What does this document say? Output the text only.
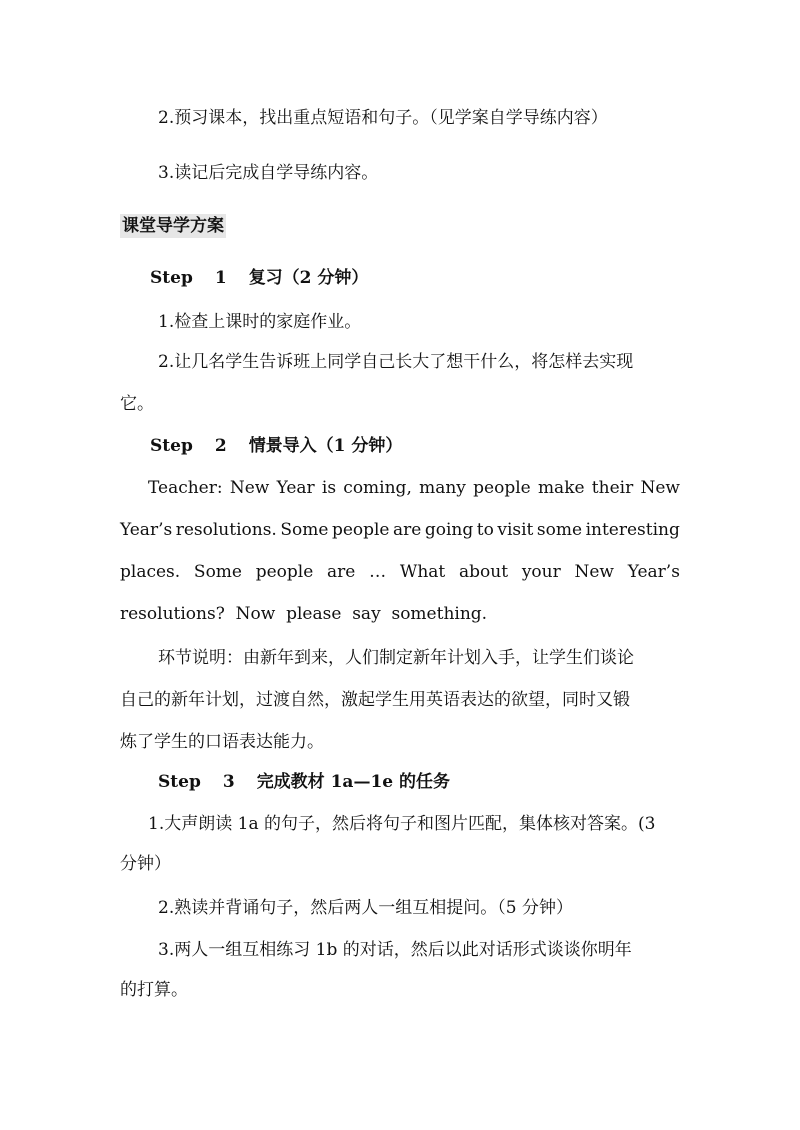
2.预习课本，找出重点短语和句子。（见学案自学导练内容）
3.读记后完成自学导练内容。
课堂导学方案
Step 1 复习（2 分钟）
1.检查上课时的家庭作业。
2.让几名学生告诉班上同学自己长大了想干什么，将怎样去实现
它。
Step 2 情景导入（1 分钟）
Teacher: New Year is coming, many people make their New
Year’s resolutions. Some people are going to visit some interesting
places. Some people are … What about your New Year’s
resolutions?  Now  please  say  something.
环节说明：由新年到来，人们制定新年计划入手，让学生们谈论
自己的新年计划，过渡自然，激起学生用英语表达的欲望，同时又锻
炼了学生的口语表达能力。
Step 3 完成教材 1a—1e 的任务
1.大声朗读 1a 的句子，然后将句子和图片匹配，集体核对答案。(3
分钟）
2.熟读并背诵句子，然后两人一组互相提问。（5 分钟）
3.两人一组互相练习 1b 的对话，然后以此对话形式谈谈你明年
的打算。
